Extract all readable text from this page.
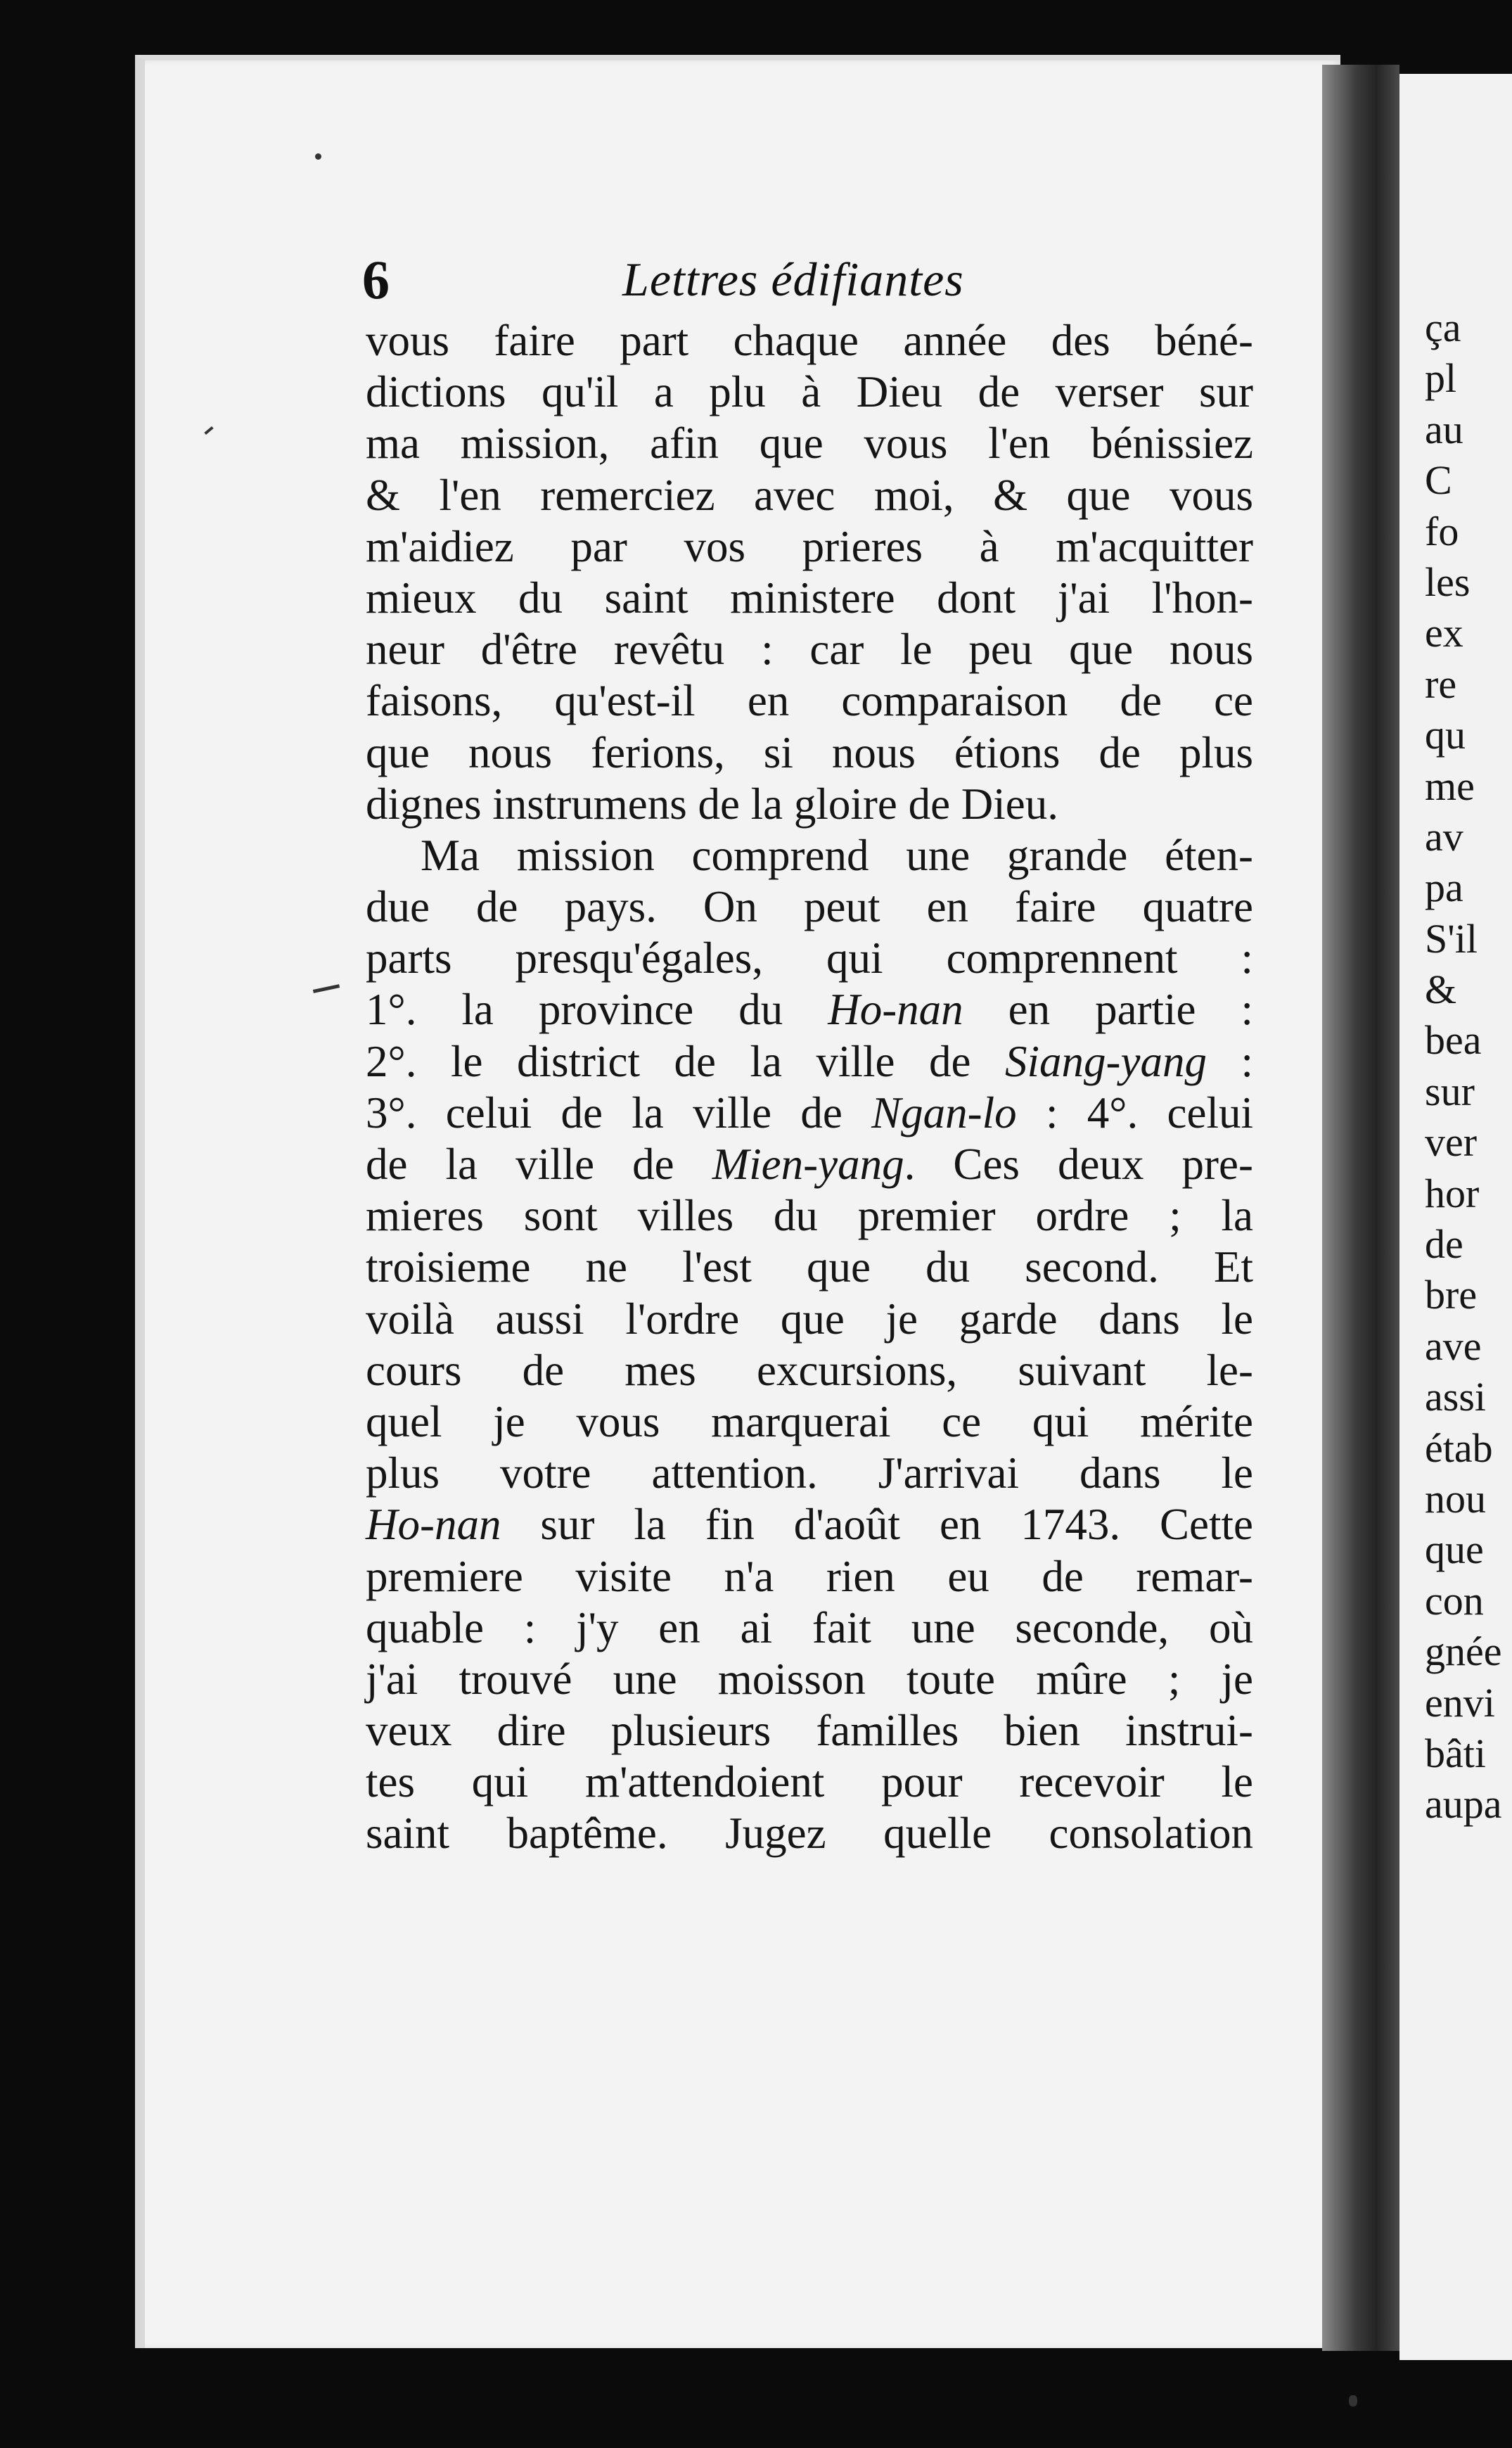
6	Lettres édifiantes
vous faire part chaque année des béné-
dictions qu'il a plu à Dieu de verser sur
ma mission, afin que vous l'en bénissiez
& l'en remerciez avec moi, & que vous
m'aidiez par vos prieres à m'acquitter
mieux du saint ministere dont j'ai l'hon-
neur d'être revêtu : car le peu que nous
faisons, qu'est-il en comparaison de ce
que nous ferions, si nous étions de plus
dignes instrumens de la gloire de Dieu.
Ma mission comprend une grande éten-
due de pays. On peut en faire quatre
parts presqu'égales, qui comprennent :
1°. la province du Ho-nan en partie :
2°. le district de la ville de Siang-yang :
3°. celui de la ville de Ngan-lo : 4°. celui
de la ville de Mien-yang. Ces deux pre-
mieres sont villes du premier ordre ; la
troisieme ne l'est que du second. Et
voilà aussi l'ordre que je garde dans le
cours de mes excursions, suivant le-
quel je vous marquerai ce qui mérite
plus votre attention. J'arrivai dans le
Ho-nan sur la fin d'août en 1743. Cette
premiere visite n'a rien eu de remar-
quable : j'y en ai fait une seconde, où
j'ai trouvé une moisson toute mûre ; je
veux dire plusieurs familles bien instrui-
tes qui m'attendoient pour recevoir le
saint baptême. Jugez quelle consolation
ça
pl
au
C
fo
les
ex
re
qu
me
av
pa
S'il
&
bea
sur
ver
hor
de
bre
ave
assi
étab
nou
que
con
gnée
envi
bâti
aupa
